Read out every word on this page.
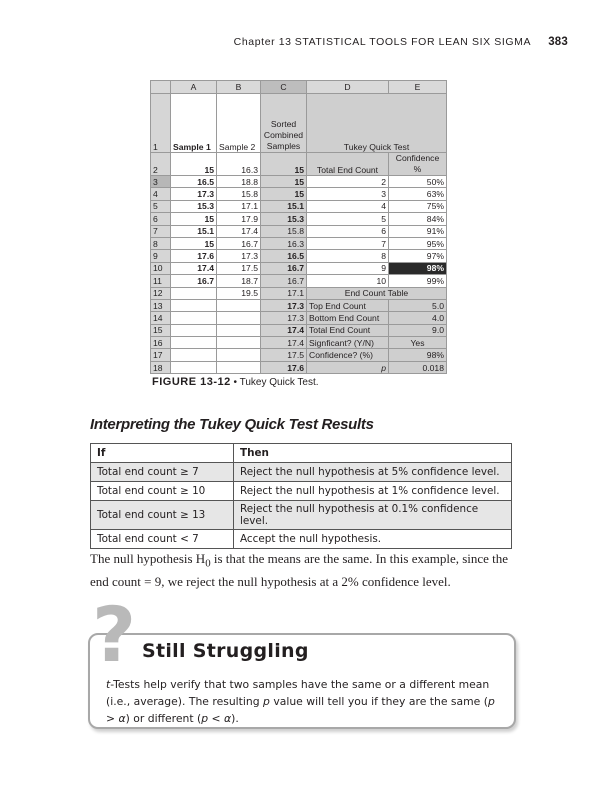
Chapter 13 STATISTICAL TOOLS FOR LEAN SIX SIGMA 383
	A	B	C	D	E
1	Sample 1	Sample 2	Sorted Combined Samples	Tukey Quick Test	
2	15	16.3	15	Total End Count	Confidence %
3	16.5	18.8	15	2	50%
4	17.3	15.8	15	3	63%
5	15.3	17.1	15.1	4	75%
6	15	17.9	15.3	5	84%
7	15.1	17.4	15.8	6	91%
8	15	16.7	16.3	7	95%
9	17.6	17.3	16.5	8	97%
10	17.4	17.5	16.7	9	98%
11	16.7	18.7	16.7	10	99%
12		19.5	17.1	End Count Table	
13			17.3	Top End Count	5.0
14			17.3	Bottom End Count	4.0
15			17.4	Total End Count	9.0
16			17.4	Signficant? (Y/N)	Yes
17			17.5	Confidence? (%)	98%
18			17.6	p	0.018
FIGURE 13-12 • Tukey Quick Test.
Interpreting the Tukey Quick Test Results
If	Then
Total end count ≥ 7	Reject the null hypothesis at 5% confidence level.
Total end count ≥ 10	Reject the null hypothesis at 1% confidence level.
Total end count ≥ 13	Reject the null hypothesis at 0.1% confidence level.
Total end count < 7	Accept the null hypothesis.
The null hypothesis $H_0$ is that the means are the same. In this example, since the end count = 9, we reject the null hypothesis at a 2% confidence level.
? Still Struggling
t-Tests help verify that two samples have the same or a different mean (i.e., average). The resulting p value will tell you if they are the same (p > α) or different (p < α).
